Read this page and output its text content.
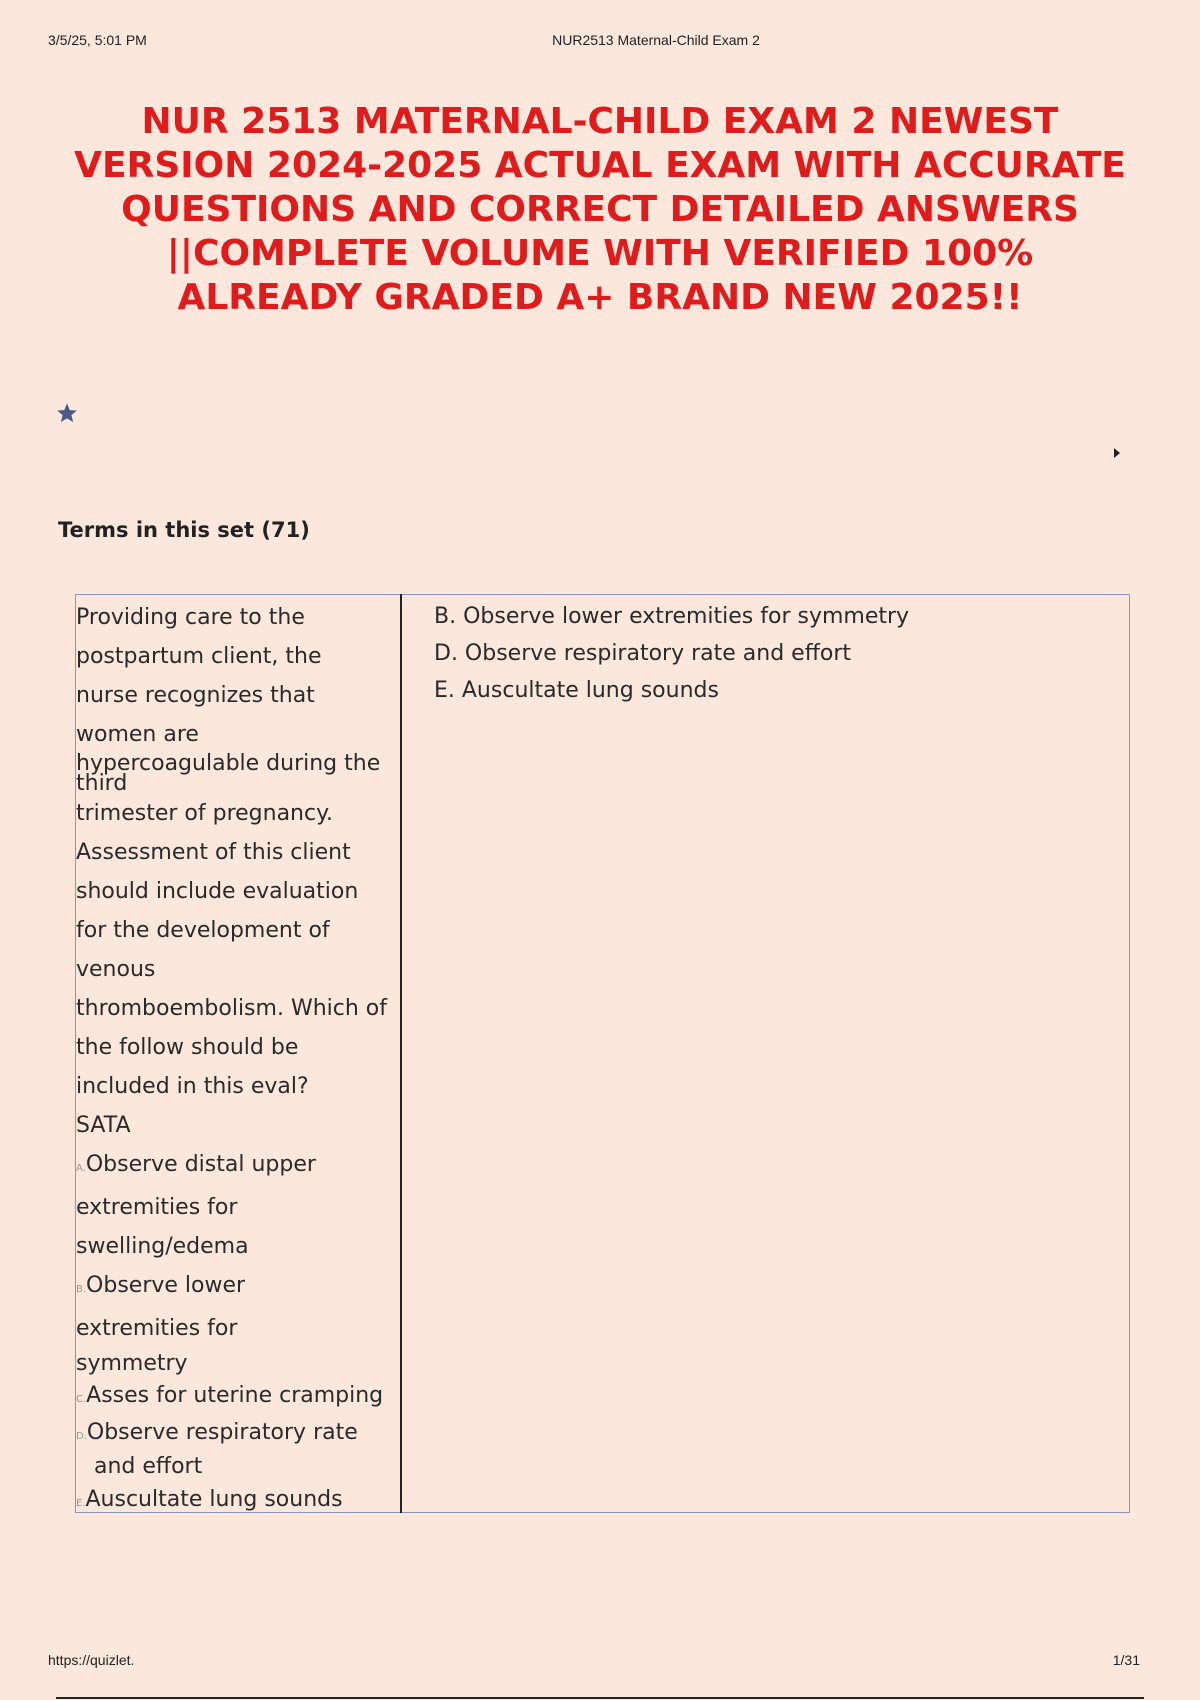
3/5/25, 5:01 PM	NUR2513 Maternal-Child Exam 2
NUR 2513 MATERNAL-CHILD EXAM 2 NEWEST
VERSION 2024-2025 ACTUAL EXAM WITH ACCURATE
QUESTIONS AND CORRECT DETAILED ANSWERS
||COMPLETE VOLUME WITH VERIFIED 100%
ALREADY GRADED A+ BRAND NEW 2025!!
Terms in this set (71)
Providing care to the
postpartum client, the
nurse recognizes that
women are
hypercoagulable during the
third
trimester of pregnancy.
Assessment of this client
should include evaluation
for the development of
venous
thromboembolism. Which of
the follow should be
included in this eval?
SATA
A.Observe distal upper
extremities for
swelling/edema
B.Observe lower
extremities for
symmetry
C.Asses for uterine cramping
D.Observe respiratory rate
and effort
E.Auscultate lung sounds
B. Observe lower extremities for symmetry
D. Observe respiratory rate and effort
E. Auscultate lung sounds
https://quizlet.	1/31
